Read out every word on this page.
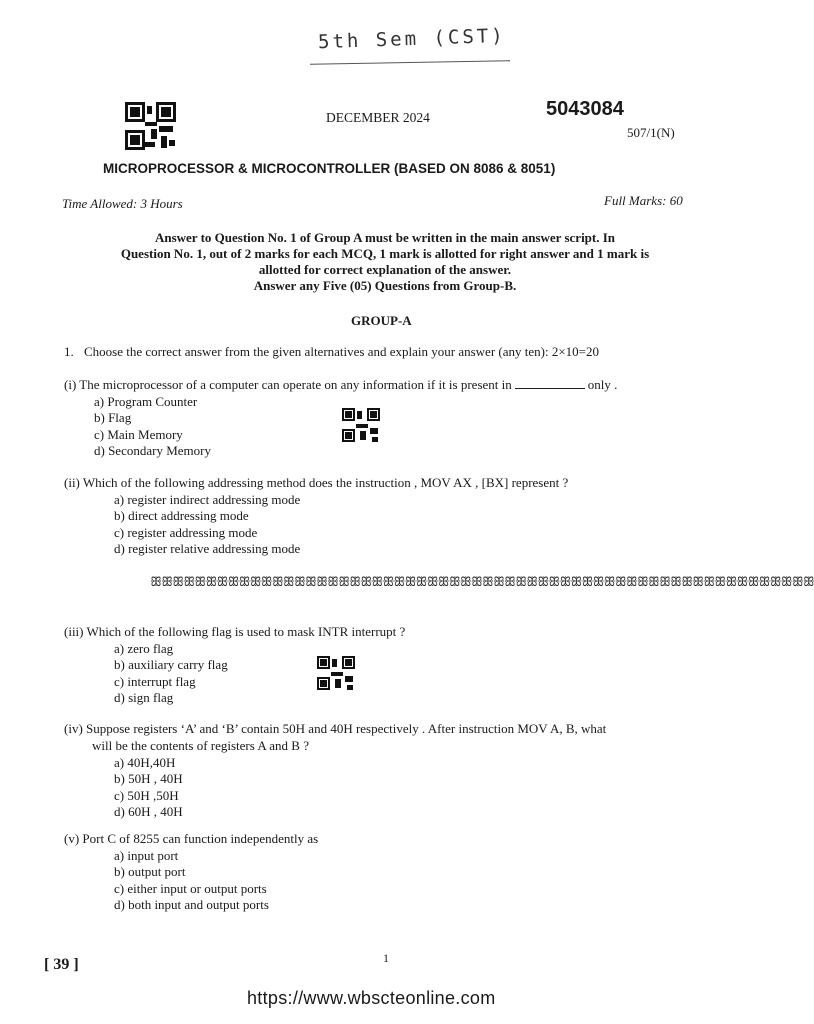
5th Sem (CST)
DECEMBER 2024	5043084
507/1(N)
MICROPROCESSOR & MICROCONTROLLER (BASED ON 8086 & 8051)
Time Allowed: 3 Hours	Full Marks: 60
Answer to Question No. 1 of Group A must be written in the main answer script. In
Question No. 1, out of 2 marks for each MCQ, 1 mark is allotted for right answer and 1 mark is
allotted for correct explanation of the answer.
Answer any Five (05) Questions from Group-B.
GROUP-A
1. Choose the correct answer from the given alternatives and explain your answer (any ten): 2×10=20
(i) The microprocessor of a computer can operate on any information if it is present in	only .
a) Program Counter
b) Flag
c) Main Memory
d) Secondary Memory
(ii) Which of the following addressing method does the instruction , MOV AX , [BX] represent ?
a) register indirect addressing mode
b) direct addressing mode
c) register addressing mode
d) register relative addressing mode
ꕥꕥꕥꕥꕥꕥꕥꕥꕥꕥꕥꕥꕥꕥꕥꕥꕥꕥꕥꕥꕥꕥꕥꕥꕥꕥꕥꕥꕥꕥꕥꕥꕥꕥꕥꕥꕥꕥꕥꕥꕥꕥꕥꕥꕥꕥꕥꕥꕥꕥꕥꕥꕥꕥꕥꕥꕥꕥꕥꕥ
(iii) Which of the following flag is used to mask INTR interrupt ?
a) zero flag
b) auxiliary carry flag
c) interrupt flag
d) sign flag
(iv) Suppose registers ‘A’ and ‘B’ contain 50H and 40H respectively . After instruction MOV A, B, what
will be the contents of registers A and B ?
a) 40H,40H
b) 50H , 40H
c) 50H ,50H
d) 60H , 40H
(v) Port C of 8255 can function independently as
a) input port
b) output port
c) either input or output ports
d) both input and output ports
[ 39 ]	1
https://www.wbscteonline.com
